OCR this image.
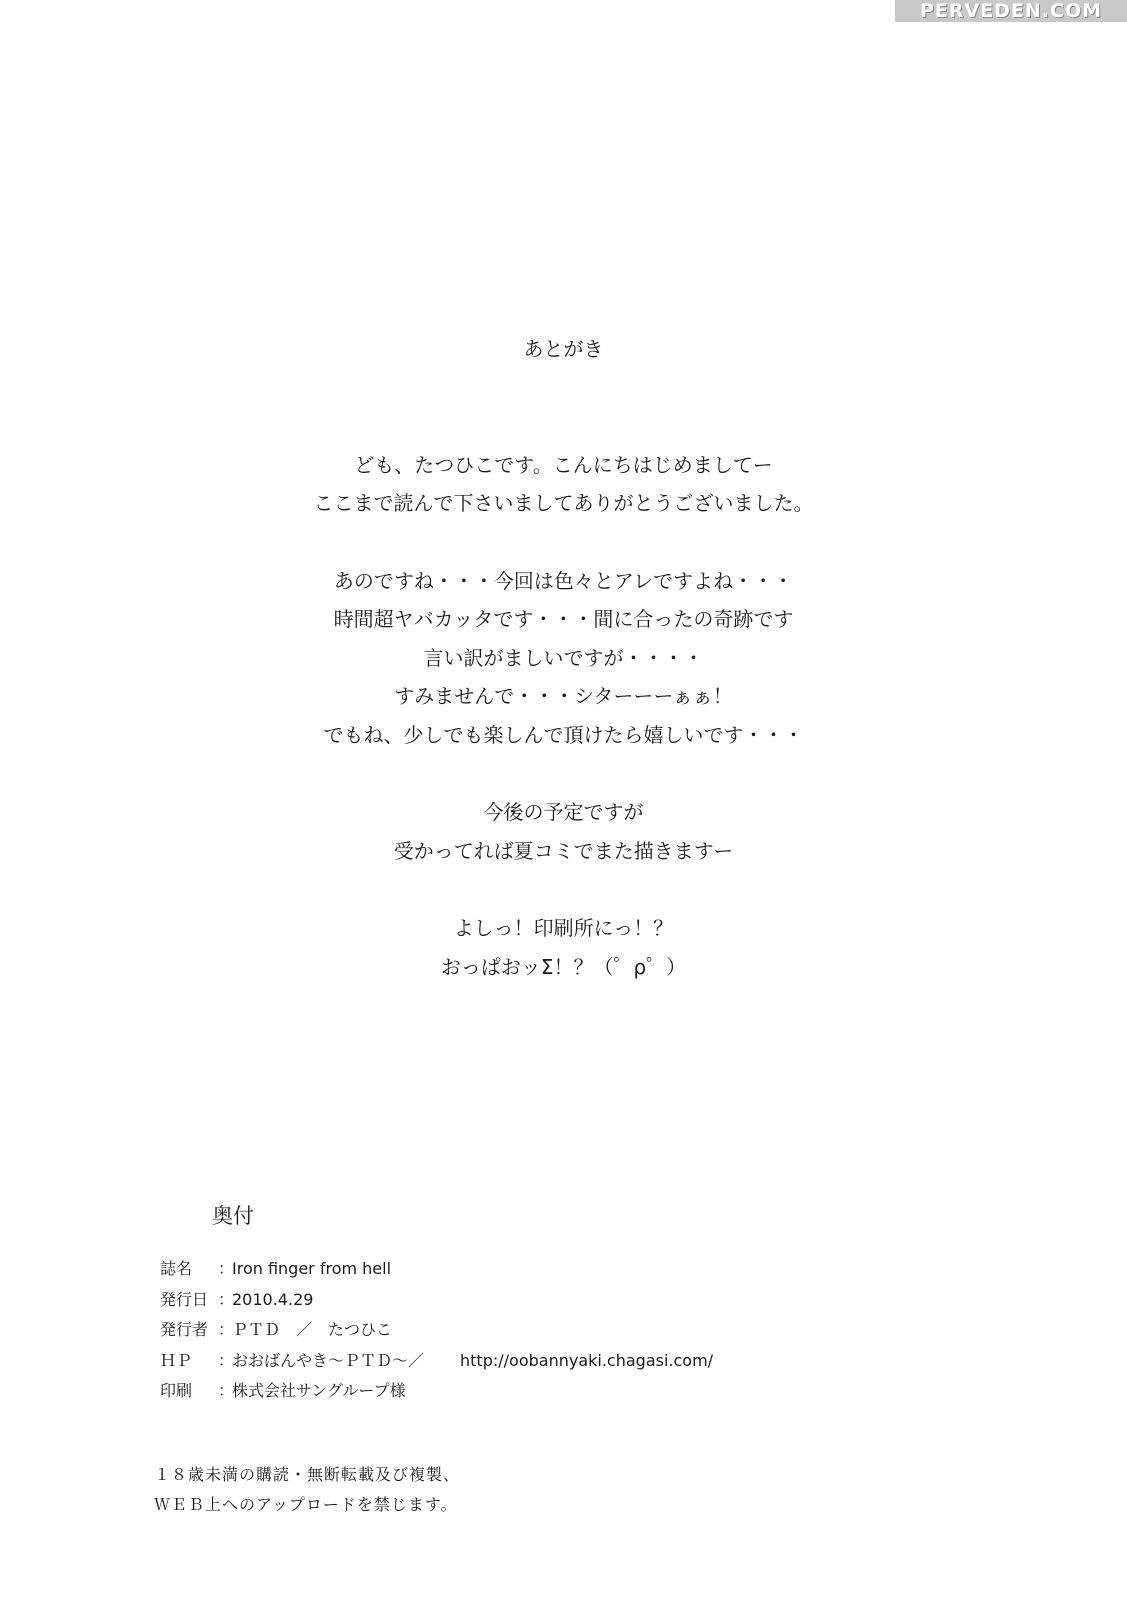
PERVEDEN.COM
あとがき
ども、たつひこです。こんにちはじめましてー
ここまで読んで下さいましてありがとうございました。
あのですね・・・今回は色々とアレですよね・・・
時間超ヤバカッタです・・・間に合ったの奇跡です
言い訳がましいですが・・・・
すみませんで・・・シターーーぁぁ！
でもね、少しでも楽しんで頂けたら嬉しいです・・・
今後の予定ですが
受かってれば夏コミでまた描きますー
よしっ！印刷所にっ！？
おっぱおッΣ！？（゜ρ゜）
奥付
誌名	：
Iron finger from hell
発行日 ：
2010.4.29
発行者 ：
ＰＴＤ　／　たつひこ
ＨＰ	：
おおばんやき～ＰＴＤ～／ http://oobannyaki.chagasi.com/
印刷	：
株式会社サングループ様
１８歳未満の購読・無断転載及び複製、
ＷＥＢ上へのアップロードを禁じます。
